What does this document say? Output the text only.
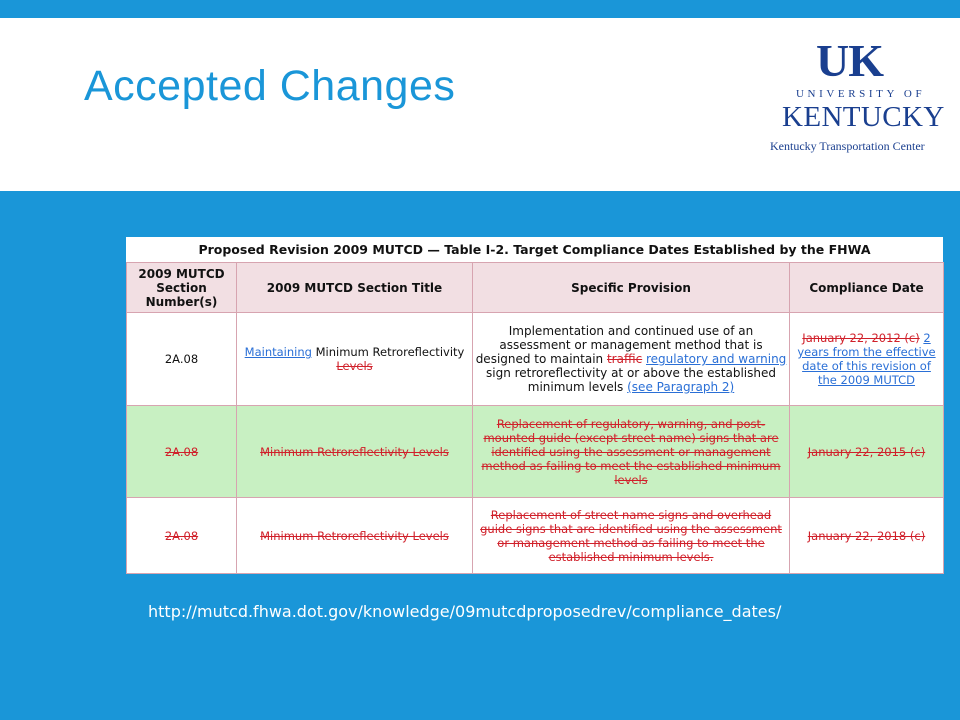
Accepted Changes	UK
UNIVERSITY OF
KENTUCKY
Kentucky Transportation Center
Proposed Revision 2009 MUTCD — Table I-2. Target Compliance Dates Established by the FHWA
2009 MUTCD Section Number(s)	2009 MUTCD Section Title	Specific Provision	Compliance Date
2A.08	Maintaining Minimum Retroreflectivity Levels	Implementation and continued use of an assessment or management method that is designed to maintain traffic regulatory and warning sign retroreflectivity at or above the established minimum levels (see Paragraph 2)	January 22, 2012 (c) 2 years from the effective date of this revision of the 2009 MUTCD
2A.08	Minimum Retroreflectivity Levels	Replacement of regulatory, warning, and post-mounted guide (except street name) signs that are identified using the assessment or management method as failing to meet the established minimum levels	January 22, 2015 (c)
2A.08	Minimum Retroreflectivity Levels	Replacement of street name signs and overhead guide signs that are identified using the assessment or management method as failing to meet the established minimum levels.	January 22, 2018 (c)
http://mutcd.fhwa.dot.gov/knowledge/09mutcdproposedrev/compliance_dates/
